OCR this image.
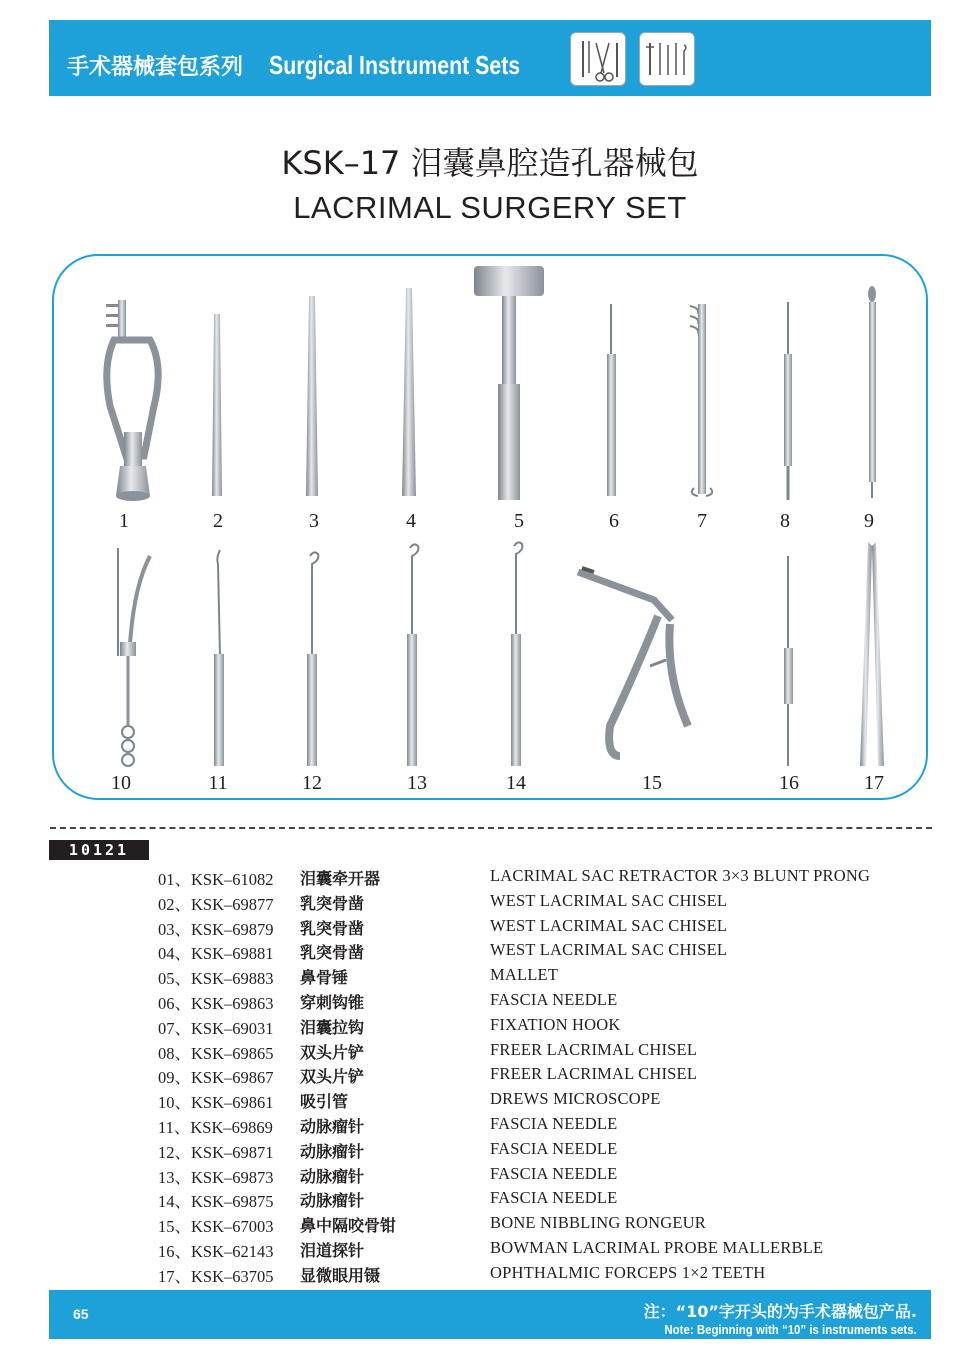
手术器械套包系列 Surgical Instrument Sets
KSK–17 泪囊鼻腔造孔器械包
LACRIMAL SURGERY SET
1	2	3	4	5	6	7	8	9
10	11	12	13	14	15	16	17
10121
01、KSK–61082 泪囊牵开器	LACRIMAL SAC RETRACTOR 3×3 BLUNT PRONG
02、KSK–69877 乳突骨凿	WEST LACRIMAL SAC CHISEL
03、KSK–69879 乳突骨凿	WEST LACRIMAL SAC CHISEL
04、KSK–69881 乳突骨凿	WEST LACRIMAL SAC CHISEL
05、KSK–69883 鼻骨锤	MALLET
06、KSK–69863 穿刺钩锥	FASCIA NEEDLE
07、KSK–69031 泪囊拉钩	FIXATION HOOK
08、KSK–69865 双头片铲	FREER LACRIMAL CHISEL
09、KSK–69867 双头片铲	FREER LACRIMAL CHISEL
10、KSK–69861 吸引管	DREWS MICROSCOPE
11、KSK–69869 动脉瘤针	FASCIA NEEDLE
12、KSK–69871 动脉瘤针	FASCIA NEEDLE
13、KSK–69873 动脉瘤针	FASCIA NEEDLE
14、KSK–69875 动脉瘤针	FASCIA NEEDLE
15、KSK–67003 鼻中隔咬骨钳	BONE NIBBLING RONGEUR
16、KSK–62143 泪道探针	BOWMAN LACRIMAL PROBE MALLERBLE
17、KSK–63705 显微眼用镊	OPHTHALMIC FORCEPS 1×2 TEETH
65	注：“10”字开头的为手术器械包产品.
Note: Beginning with “10” is instruments sets.
